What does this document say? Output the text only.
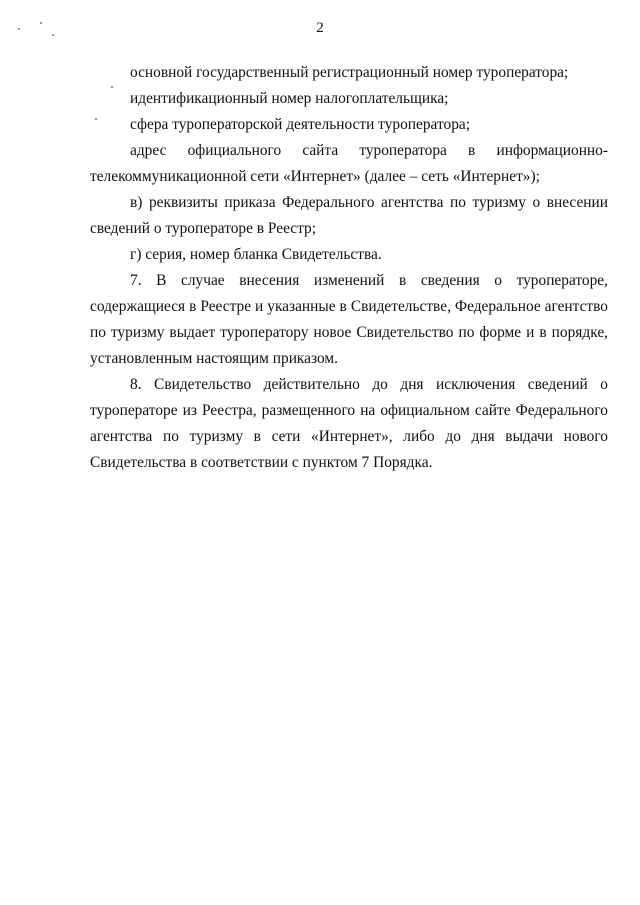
2

основной государственный регистрационный номер туроператора;

идентификационный номер налогоплательщика;

сфера туроператорской деятельности туроператора;

адрес официального сайта туроператора в информационно-телекоммуникационной сети «Интернет» (далее – сеть «Интернет»);

в) реквизиты приказа Федерального агентства по туризму о внесении сведений о туроператоре в Реестр;

г) серия, номер бланка Свидетельства.

7. В случае внесения изменений в сведения о туроператоре, содержащиеся в Реестре и указанные в Свидетельстве, Федеральное агентство по туризму выдает туроператору новое Свидетельство по форме и в порядке, установленным настоящим приказом.

8. Свидетельство действительно до дня исключения сведений о туроператоре из Реестра, размещенного на официальном сайте Федерального агентства по туризму в сети «Интернет», либо до дня выдачи нового Свидетельства в соответствии с пунктом 7 Порядка.
